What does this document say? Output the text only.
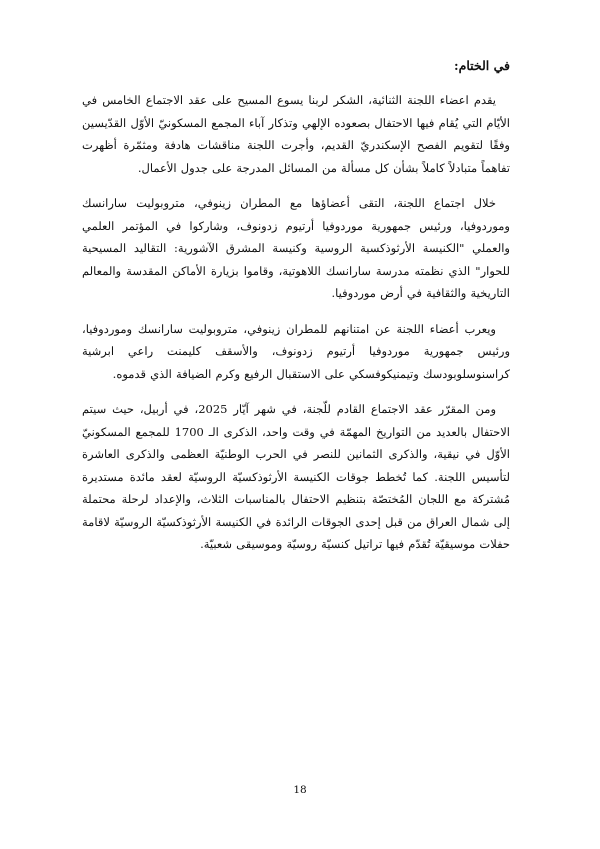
في الختام:

يقدم اعضاء اللجنة الثنائية، الشكر لربنا يسوع المسيح على عقد الاجتماع الخامس في الأيّام التي يُقام فيها الاحتفال بصعوده الإلهي وتذكار آباء المجمع المسكونيّ الأوّل القدّيسين وفقًا لتقويم الفصح الإسكندريّ القديم، وأجرت اللجنة مناقشات هادفة ومثمّرة أظهرت تفاهماً متبادلاً كاملاً بشأن كل مسألة من المسائل المدرجة على جدول الأعمال.

خلال اجتماع اللجنة، التقى أعضاؤها مع المطران زينوفي، متروبوليت سارانسك وموردوفيا، ورئيس جمهورية موردوفيا أرتيوم زدونوف، وشاركوا في المؤتمر العلمي والعملي "الكنيسة الأرثوذكسية الروسية وكنيسة المشرق الآشورية: التقاليد المسيحية للحوار" الذي نظمته مدرسة سارانسك اللاهوتية، وقاموا بزيارة الأماكن المقدسة والمعالم التاريخية والثقافية في أرض موردوفيا.

ويعرب أعضاء اللجنة عن امتنانهم للمطران زينوفي، متروبوليت سارانسك وموردوفيا، ورئيس جمهورية موردوفيا أرتيوم زدونوف، والأسقف كليمنت راعي ابرشية كراسنوسلوبودسك وتيمنيكوفسكي على الاستقبال الرفيع وكرم الضيافة الذي قدموه.

ومن المقرّر عقد الاجتماع القادم للّجنة، في شهر آيّار 2025، في أربيل، حيث سيتم الاحتفال بالعديد من التواريخ المهمّة في وقت واحد، الذكرى الـ 1700 للمجمع المسكونيّ الأوّل في نيقية، والذكرى الثمانين للنصر في الحرب الوطنيّة العظمى والذكرى العاشرة لتأسيس اللجنة. كما تُخطط جوقات الكنيسة الأرثوذكسيّة الروسيّة لعقد مائدة مستديرة مُشتركة مع اللجان المُختصّة بتنظيم الاحتفال بالمناسبات الثلاث، والإعداد لرحلة محتملة إلى شمال العراق من قبل إحدى الجوقات الرائدة في الكنيسة الأرثوذكسيّة الروسيّة لاقامة حفلات موسيقيّة تُقدّم فيها تراتيل كنسيّة روسيّة وموسيقى شعبيّة.

18
